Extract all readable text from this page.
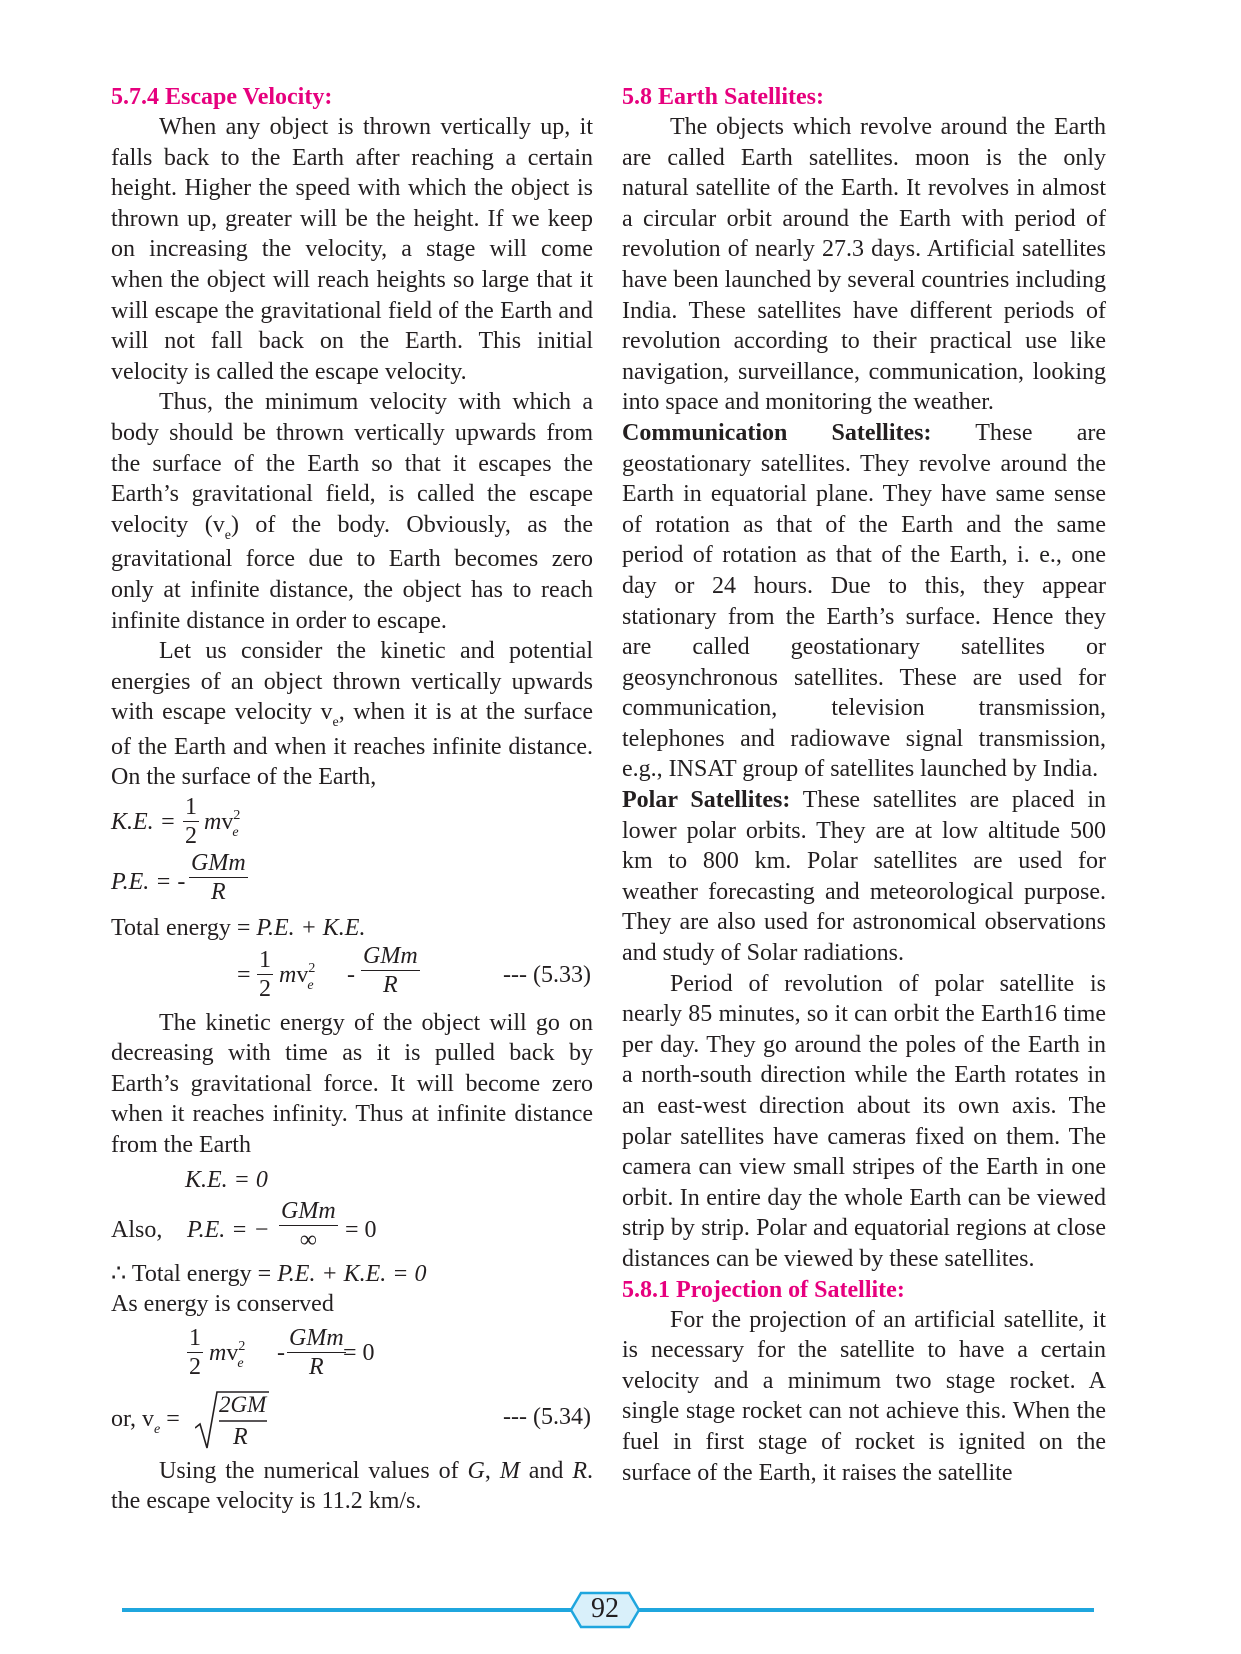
5.7.4 Escape Velocity:

When any object is thrown vertically up, it falls back to the Earth after reaching a certain height. Higher the speed with which the object is thrown up, greater will be the height. If we keep on increasing the velocity, a stage will come when the object will reach heights so large that it will escape the gravitational field of the Earth and will not fall back on the Earth. This initial velocity is called the escape velocity.

Thus, the minimum velocity with which a body should be thrown vertically upwards from the surface of the Earth so that it escapes the Earth’s gravitational field, is called the escape velocity $(v_e)$ of the body. Obviously, as the gravitational force due to Earth becomes zero only at infinite distance, the object has to reach infinite distance in order to escape.

Let us consider the kinetic and potential energies of an object thrown vertically upwards with escape velocity $v_e$, when it is at the surface of the Earth and when it reaches infinite distance. On the surface of the Earth,

K.E. = $\frac{1}{2} mv^2_e$
P.E. = -
GMm
R

Total energy = P.E. + K.E.

= $\frac{1}{2} mv^2_e$ -
GMm
R	--- (5.33)

The kinetic energy of the object will go on decreasing with time as it is pulled back by Earth’s gravitational force. It will become zero when it reaches infinity. Thus at infinite distance from the Earth

K.E. = 0
Also, P.E. = −
GMm
∞	= 0

∴ Total energy = P.E. + K.E. = 0

As energy is conserved

$\frac{1}{2} mv^2_e$ -
GMm
R
= 0
or, $v_e$ =
2GM
R
--- (5.34)

Using the numerical values of G, M and R. the escape velocity is 11.2 km/s.

5.8 Earth Satellites:

The objects which revolve around the Earth are called Earth satellites. moon is the only natural satellite of the Earth. It revolves in almost a circular orbit around the Earth with period of revolution of nearly 27.3 days. Artificial satellites have been launched by several countries including India. These satellites have different periods of revolution according to their practical use like navigation, surveillance, communication, looking into space and monitoring the weather.

Communication Satellites: These are geostationary satellites. They revolve around the Earth in equatorial plane. They have same sense of rotation as that of the Earth and the same period of rotation as that of the Earth, i. e., one day or 24 hours. Due to this, they appear stationary from the Earth’s surface. Hence they are called geostationary satellites or geosynchronous satellites. These are used for communication, television transmission, telephones and radiowave signal transmission, e.g., INSAT group of satellites launched by India.

Polar Satellites: These satellites are placed in lower polar orbits. They are at low altitude 500 km to 800 km. Polar satellites are used for weather forecasting and meteorological purpose. They are also used for astronomical observations and study of Solar radiations.

Period of revolution of polar satellite is nearly 85 minutes, so it can orbit the Earth16 time per day. They go around the poles of the Earth in a north-south direction while the Earth rotates in an east-west direction about its own axis. The polar satellites have cameras fixed on them. The camera can view small stripes of the Earth in one orbit. In entire day the whole Earth can be viewed strip by strip. Polar and equatorial regions at close distances can be viewed by these satellites.

5.8.1 Projection of Satellite:

For the projection of an artificial satellite, it is necessary for the satellite to have a certain velocity and a minimum two stage rocket. A single stage rocket can not achieve this. When the fuel in first stage of rocket is ignited on the surface of the Earth, it raises the satellite

92
